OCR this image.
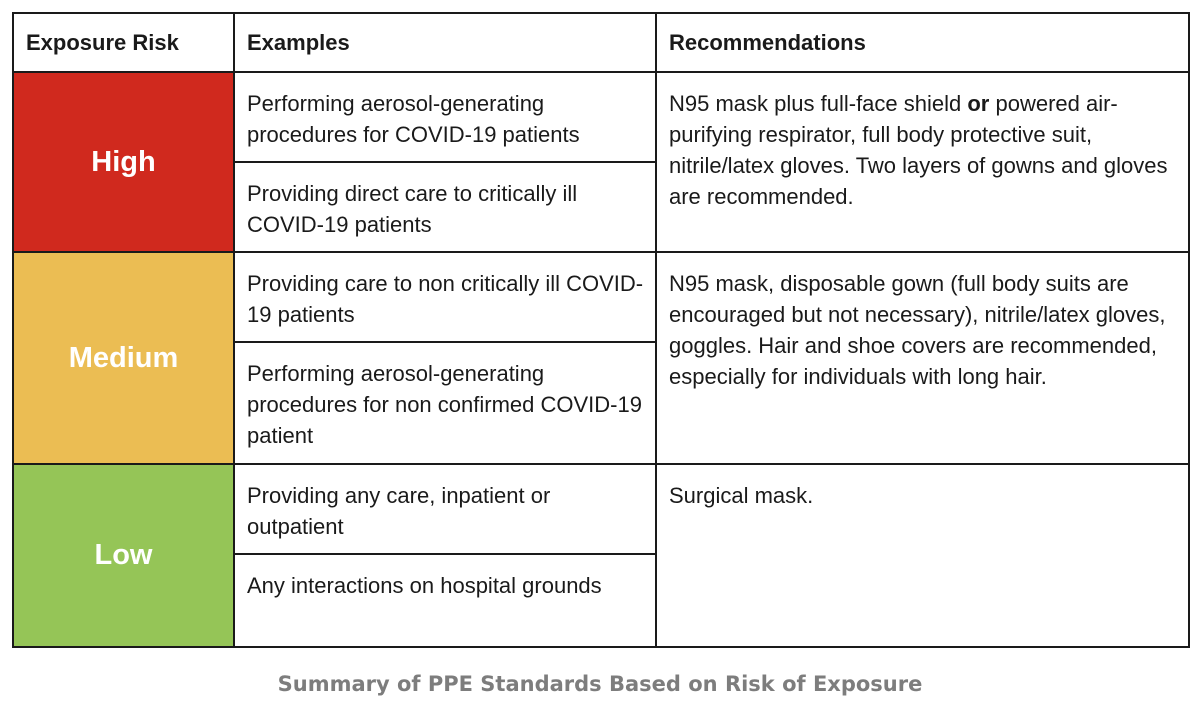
Exposure Risk	Examples	Recommendations
High	Performing aerosol-generating procedures for COVID-19 patients	N95 mask plus full-face shield or powered air-purifying respirator, full body protective suit, nitrile/latex gloves. Two layers of gowns and gloves are recommended.
	Providing direct care to critically ill COVID-19 patients	
Medium	Providing care to non critically ill COVID-19 patients	N95 mask, disposable gown (full body suits are encouraged but not necessary), nitrile/latex gloves, goggles. Hair and shoe covers are recommended, especially for individuals with long hair.
	Performing aerosol-generating procedures for non confirmed COVID-19 patient	
Low	Providing any care, inpatient or outpatient	Surgical mask.
	Any interactions on hospital grounds	
Summary of PPE Standards Based on Risk of Exposure
